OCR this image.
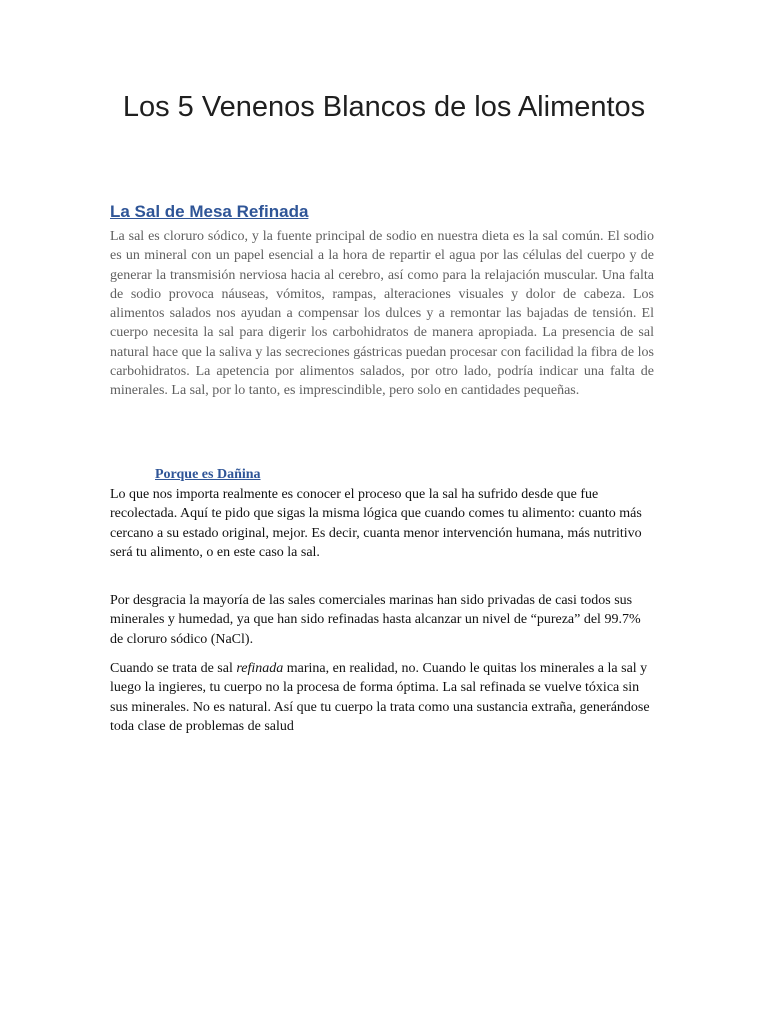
Los 5 Venenos Blancos de los Alimentos
La Sal de Mesa Refinada

La sal es cloruro sódico, y la fuente principal de sodio en nuestra dieta es la sal común. El sodio es un mineral con un papel esencial a la hora de repartir el agua por las células del cuerpo y de generar la transmisión nerviosa hacia al cerebro, así como para la relajación muscular. Una falta de sodio provoca náuseas, vómitos, rampas, alteraciones visuales y dolor de cabeza. Los alimentos salados nos ayudan a compensar los dulces y a remontar las bajadas de tensión. El cuerpo necesita la sal para digerir los carbohidratos de manera apropiada. La presencia de sal natural hace que la saliva y las secreciones gástricas puedan procesar con facilidad la fibra de los carbohidratos. La apetencia por alimentos salados, por otro lado, podría indicar una falta de minerales. La sal, por lo tanto, es imprescindible, pero solo en cantidades pequeñas.

Porque es Dañina

Lo que nos importa realmente es conocer el proceso que la sal ha sufrido desde que fue recolectada. Aquí te pido que sigas la misma lógica que cuando comes tu alimento: cuanto más cercano a su estado original, mejor. Es decir, cuanta menor intervención humana, más nutritivo será tu alimento, o en este caso la sal.

Por desgracia la mayoría de las sales comerciales marinas han sido privadas de casi todos sus minerales y humedad, ya que han sido refinadas hasta alcanzar un nivel de “pureza” del 99.7% de cloruro sódico (NaCl).

Cuando se trata de sal refinada marina, en realidad, no. Cuando le quitas los minerales a la sal y luego la ingieres, tu cuerpo no la procesa de forma óptima. La sal refinada se vuelve tóxica sin sus minerales. No es natural. Así que tu cuerpo la trata como una sustancia extraña, generándose toda clase de problemas de salud
